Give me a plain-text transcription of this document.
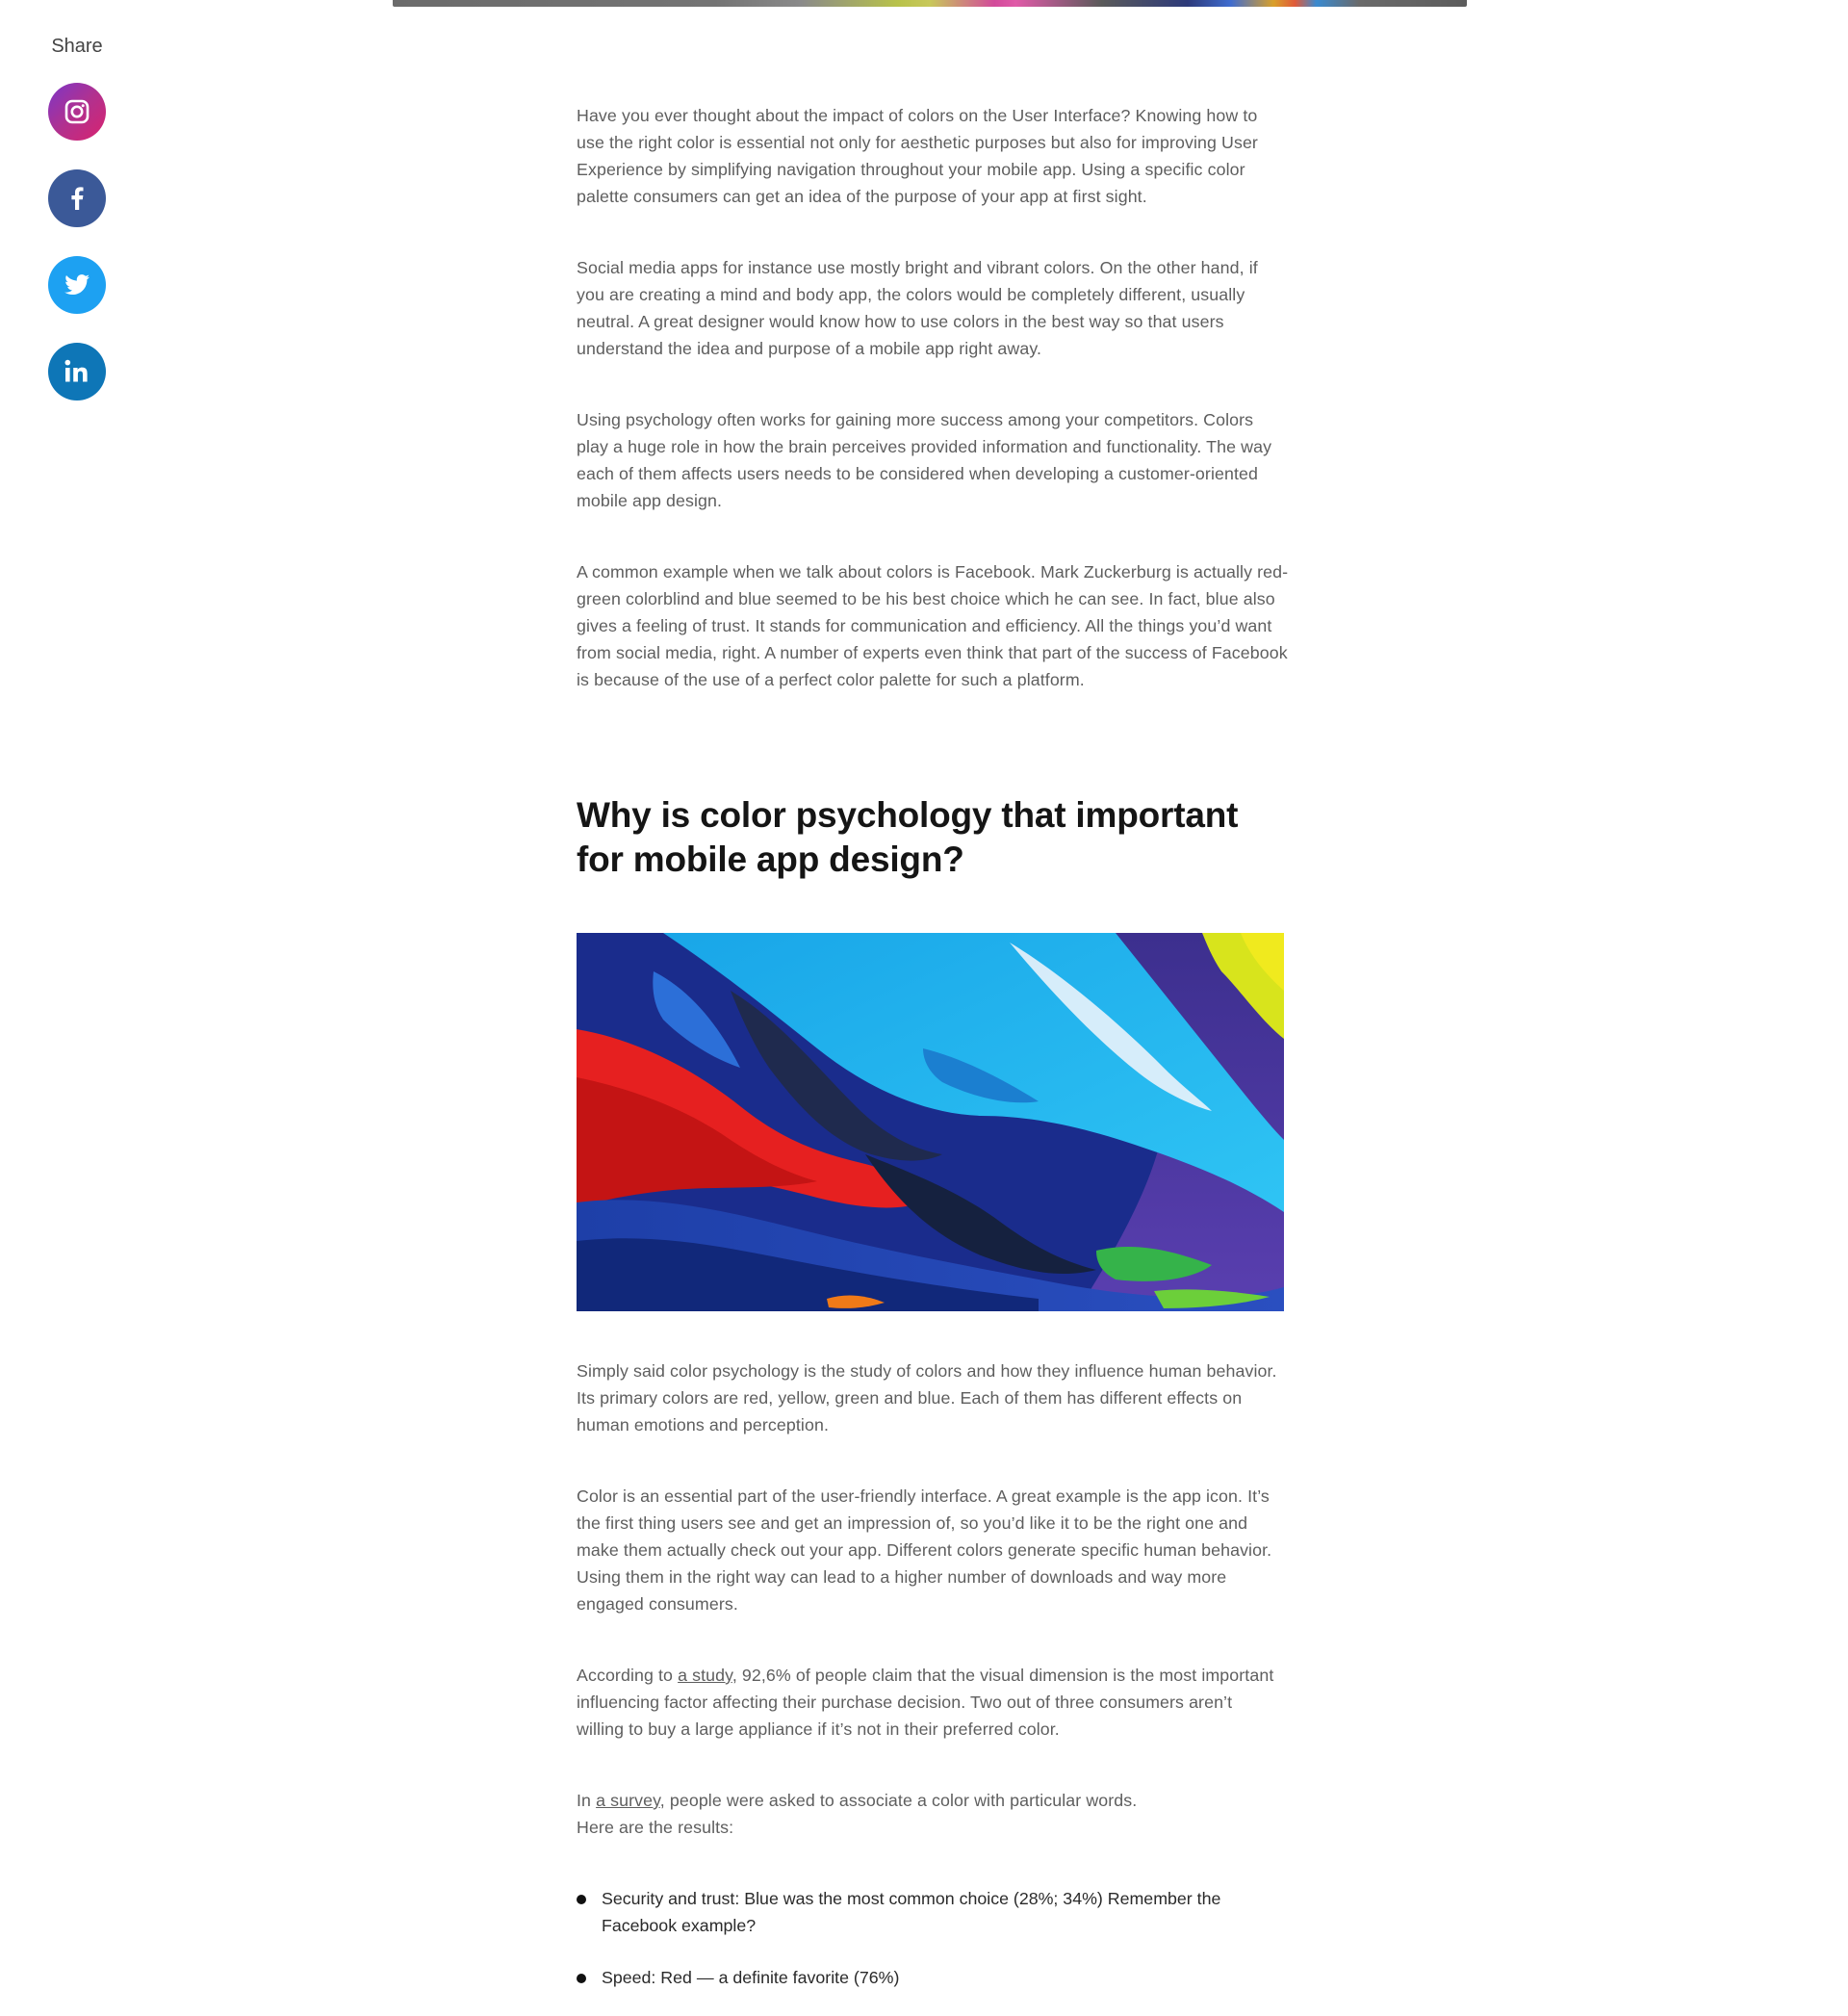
Share

Have you ever thought about the impact of colors on the User Interface? Knowing how to use the right color is essential not only for aesthetic purposes but also for improving User Experience by simplifying navigation throughout your mobile app. Using a specific color palette consumers can get an idea of the purpose of your app at first sight.

Social media apps for instance use mostly bright and vibrant colors. On the other hand, if you are creating a mind and body app, the colors would be completely different, usually neutral. A great designer would know how to use colors in the best way so that users understand the idea and purpose of a mobile app right away.

Using psychology often works for gaining more success among your competitors. Colors play a huge role in how the brain perceives provided information and functionality. The way each of them affects users needs to be considered when developing a customer-oriented mobile app design.

A common example when we talk about colors is Facebook. Mark Zuckerburg is actually red-green colorblind and blue seemed to be his best choice which he can see. In fact, blue also gives a feeling of trust. It stands for communication and efficiency. All the things you’d want from social media, right. A number of experts even think that part of the success of Facebook is because of the use of a perfect color palette for such a platform.

Why is color psychology that important for mobile app design?

Simply said color psychology is the study of colors and how they influence human behavior. Its primary colors are red, yellow, green and blue. Each of them has different effects on human emotions and perception.

Color is an essential part of the user-friendly interface. A great example is the app icon. It’s the first thing users see and get an impression of, so you’d like it to be the right one and make them actually check out your app. Different colors generate specific human behavior. Using them in the right way can lead to a higher number of downloads and way more engaged consumers.

According to a study, 92,6% of people claim that the visual dimension is the most important influencing factor affecting their purchase decision. Two out of three consumers aren’t willing to buy a large appliance if it’s not in their preferred color.

In a survey, people were asked to associate a color with particular words.
Here are the results:

Security and trust: Blue was the most common choice (28%; 34%) Remember the Facebook example?
Speed: Red — a definite favorite (76%)
